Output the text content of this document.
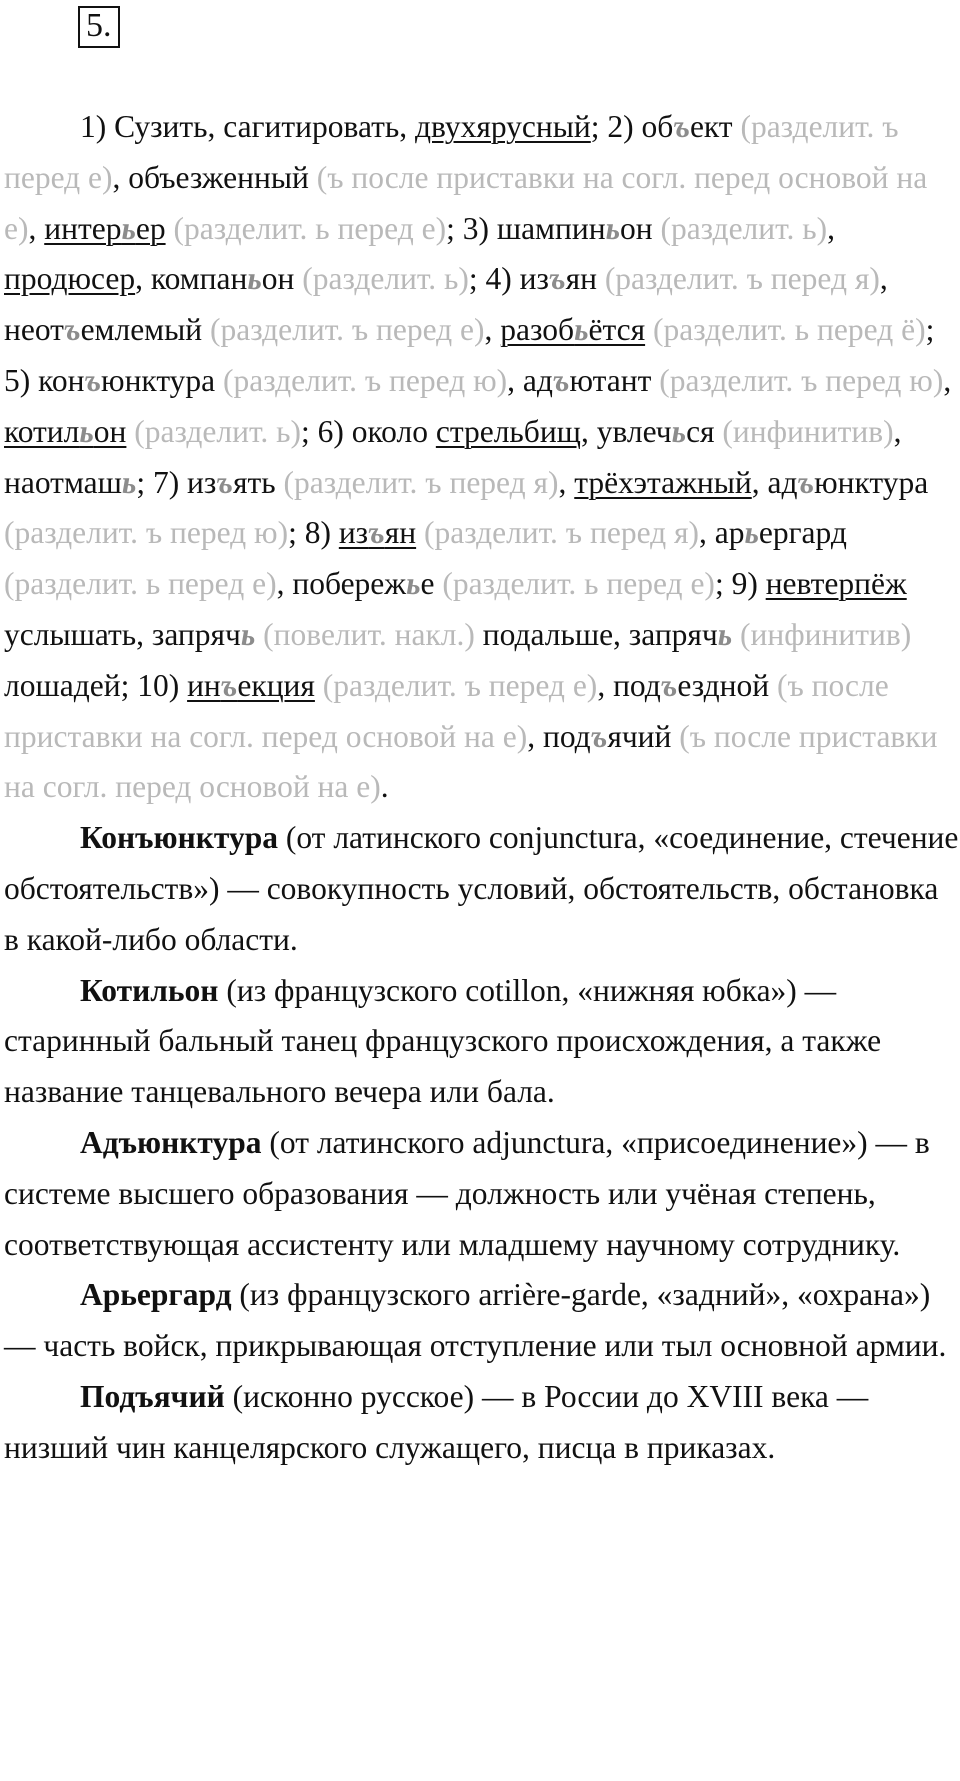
5.

1) Сузить, сагитировать, двухярусный; 2) объект (разделит. ъ перед е), объезженный (ъ после приставки на согл. перед основой на е), интерьер (разделит. ь перед е); 3) шампиньон (разделит. ь), продюсер, компаньон (разделит. ь); 4) изъян (разделит. ъ перед я), неотъемлемый (разделит. ъ перед е), разобьётся (разделит. ь перед ё); 5) конъюнктура (разделит. ъ перед ю), адъютант (разделит. ъ перед ю), котильон (разделит. ь); 6) около стрельбищ, увлечься (инфинитив), наотмашь; 7) изъять (разделит. ъ перед я), трёхэтажный, адъюнктура (разделит. ъ перед ю); 8) изъян (разделит. ъ перед я), арьергард (разделит. ь перед е), побережье (разделит. ь перед е); 9) невтерпёж услышать, запрячь (повелит. накл.) подальше, запрячь (инфинитив) лошадей; 10) инъекция (разделит. ъ перед е), подъездной (ъ после приставки на согл. перед основой на е), подъячий (ъ после приставки на согл. перед основой на е).

Конъюнктура (от латинского conjunctura, «соединение, стечение обстоятельств») — совокупность условий, обстоятельств, обстановка в какой-либо области.

Котильон (из французского cotillon, «нижняя юбка») — старинный бальный танец французского происхождения, а также название танцевального вечера или бала.

Адъюнктура (от латинского adjunctura, «присоединение») — в системе высшего образования — должность или учёная степень, соответствующая ассистенту или младшему научному сотруднику.

Арьергард (из французского arrière-garde, «задний», «охрана») — часть войск, прикрывающая отступление или тыл основной армии.

Подъячий (исконно русское) — в России до XVIII века — низший чин канцелярского служащего, писца в приказах.
